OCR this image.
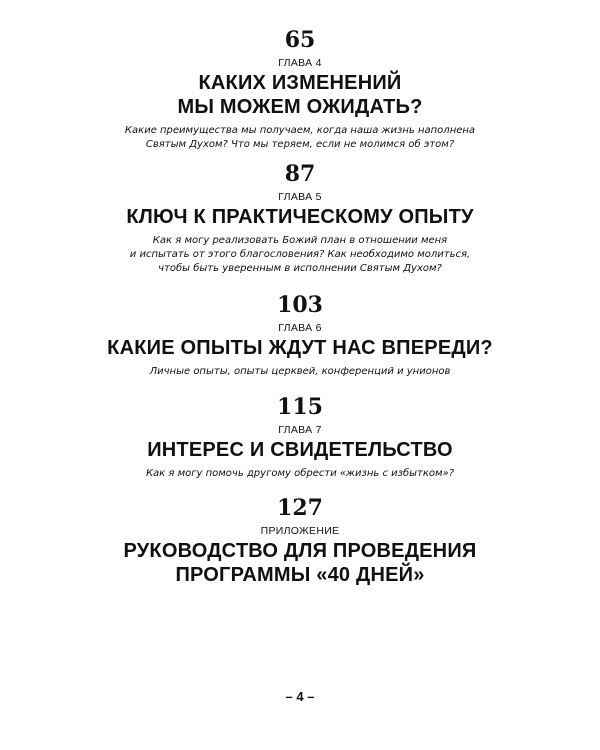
65
ГЛАВА 4
КАКИХ ИЗМЕНЕНИЙ
МЫ МОЖЕМ ОЖИДАТЬ?
Какие преимущества мы получаем, когда наша жизнь наполнена
Святым Духом? Что мы теряем, если не молимся об этом?
87
ГЛАВА 5
КЛЮЧ К ПРАКТИЧЕСКОМУ ОПЫТУ
Как я могу реализовать Божий план в отношении меня
и испытать от этого благословения? Как необходимо молиться,
чтобы быть уверенным в исполнении Святым Духом?
103
ГЛАВА 6
КАКИЕ ОПЫТЫ ЖДУТ НАС ВПЕРЕДИ?
Личные опыты, опыты церквей, конференций и унионов
115
ГЛАВА 7
ИНТЕРЕС И СВИДЕТЕЛЬСТВО
Как я могу помочь другому обрести «жизнь с избытком»?
127
ПРИЛОЖЕНИЕ
РУКОВОДСТВО ДЛЯ ПРОВЕДЕНИЯ
ПРОГРАММЫ «40 ДНЕЙ»
– 4 –
